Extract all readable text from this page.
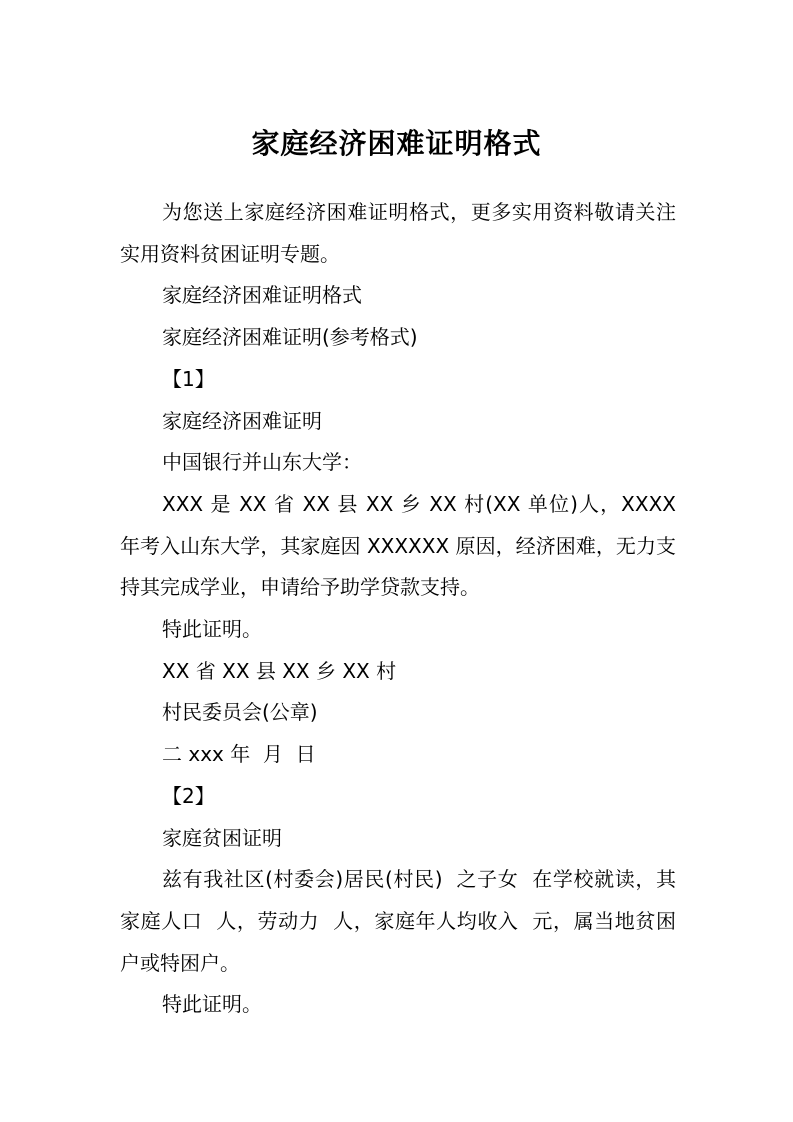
家庭经济困难证明格式

为您送上家庭经济困难证明格式，更多实用资料敬请关注实用资料贫困证明专题。

家庭经济困难证明格式

家庭经济困难证明(参考格式)

【1】

家庭经济困难证明

中国银行并山东大学：

XXX 是 XX 省 XX 县 XX 乡 XX 村(XX 单位)人，XXXX 年考入山东大学，其家庭因 XXXXXX 原因，经济困难，无力支持其完成学业，申请给予助学贷款支持。

特此证明。

XX 省 XX 县 XX 乡 XX 村

村民委员会(公章)

二 xxx 年  月  日

【2】

家庭贫困证明

兹有我社区(村委会)居民(村民)  之子女  在学校就读，其家庭人口  人，劳动力  人，家庭年人均收入  元，属当地贫困户或特困户。

特此证明。
